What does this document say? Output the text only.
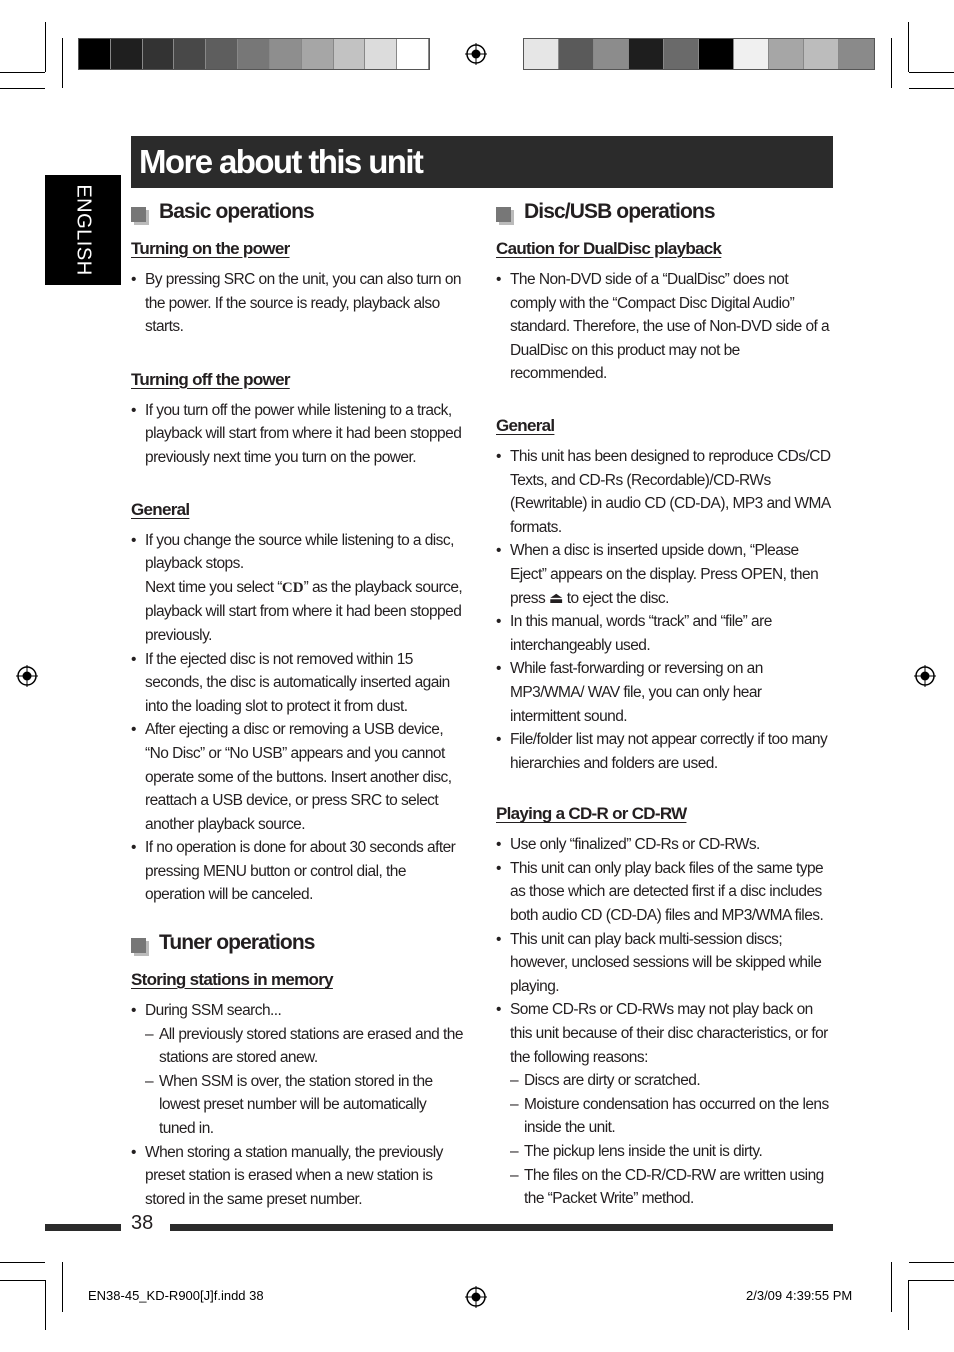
More about this unit
ENGLISH	Basic operations
Turning on the power
• By pressing SRC on the unit, you can also turn on the power. If the source is ready, playback also starts.
Turning off the power
• If you turn off the power while listening to a track, playback will start from where it had been stopped previously next time you turn on the power.
General
• If you change the source while listening to a disc, playback stops.
Next time you select “CD” as the playback source, playback will start from where it had been stopped previously.
• If the ejected disc is not removed within 15 seconds, the disc is automatically inserted again into the loading slot to protect it from dust.
• After ejecting a disc or removing a USB device, “No Disc” or “No USB” appears and you cannot operate some of the buttons. Insert another disc, reattach a USB device, or press SRC to select another playback source.
• If no operation is done for about 30 seconds after pressing MENU button or control dial, the operation will be canceled.
Tuner operations
Storing stations in memory
• During SSM search...
– All previously stored stations are erased and the stations are stored anew.
– When SSM is over, the station stored in the lowest preset number will be automatically tuned in.
• When storing a station manually, the previously preset station is erased when a new station is stored in the same preset number.
Disc/USB operations
Caution for DualDisc playback
• The Non-DVD side of a “DualDisc” does not comply with the “Compact Disc Digital Audio” standard. Therefore, the use of Non-DVD side of a DualDisc on this product may not be recommended.
General
• This unit has been designed to reproduce CDs/CD Texts, and CD-Rs (Recordable)/CD-RWs (Rewritable) in audio CD (CD-DA), MP3 and WMA formats.
• When a disc is inserted upside down, “Please Eject” appears on the display. Press OPEN, then press ⏏ to eject the disc.
• In this manual, words “track” and “file” are interchangeably used.
• While fast-forwarding or reversing on an MP3/WMA/ WAV file, you can only hear intermittent sound.
• File/folder list may not appear correctly if too many hierarchies and folders are used.
Playing a CD-R or CD-RW
• Use only “finalized” CD-Rs or CD-RWs.
• This unit can only play back files of the same type as those which are detected first if a disc includes both audio CD (CD-DA) files and MP3/WMA files.
• This unit can play back multi-session discs; however, unclosed sessions will be skipped while playing.
• Some CD-Rs or CD-RWs may not play back on this unit because of their disc characteristics, or for the following reasons:
– Discs are dirty or scratched.
– Moisture condensation has occurred on the lens inside the unit.
– The pickup lens inside the unit is dirty.
– The files on the CD-R/CD-RW are written using the “Packet Write” method.
38
EN38-45_KD-R900[J]f.indd 38	2/3/09 4:39:55 PM
